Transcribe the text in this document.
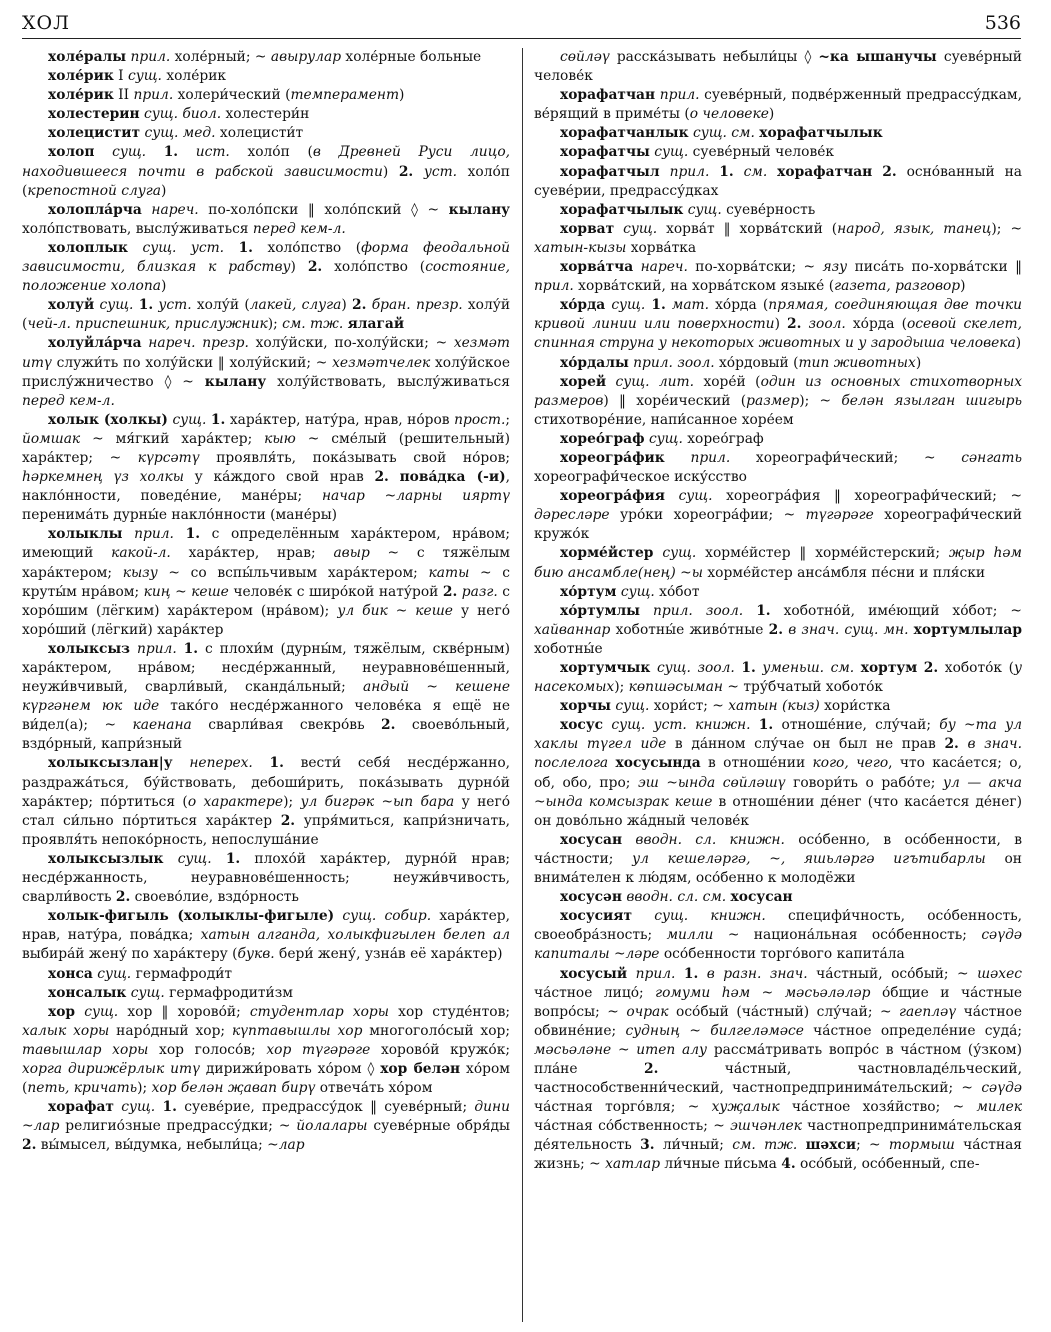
ХОЛ	536

холе́ралы прил. холе́рный; ~ авырулар холе́рные больные

холе́рик I сущ. холе́рик

холе́рик II прил. холери́ческий (темперамент)

холестерин сущ. биол. холестери́н

холецистит сущ. мед. холецисти́т

холоп сущ. 1. ист. холо́п (в Древней Руси лицо, находившееся почти в рабской зависимости) 2. уст. холо́п (крепостной слуга)

холопла́рча нареч. по-холо́пски ‖ холо́пский ◊ ~ кылану холо́пствовать, выслу́живаться перед кем-л.

холоплык сущ. уст. 1. холо́пство (форма феодальной зависимости, близкая к рабству) 2. холо́пство (состояние, положение холопа)

холуй сущ. 1. уст. холу́й (лакей, слуга) 2. бран. презр. холу́й (чей-л. приспешник, прислужник); см. тж. ялагай

холуйла́рча нареч. презр. холу́йски, по-холу́йски; ~ хезмәт итү служи́ть по холу́йски ‖ холу́йский; ~ хезмәтчелек холу́йское прислу́жничество ◊ ~ кылану холу́йствовать, выслу́живаться перед кем-л.

холык (холкы) сущ. 1. хара́ктер, нату́ра, нрав, но́ров прост.; йомшак ~ мя́гкий хара́ктер; кыю ~ сме́лый (решительный) хара́ктер; ~ күрсәтү проявля́ть, пока́зывать свой но́ров; һәркемнең үз холкы у ка́ждого свой нрав 2. пова́дка (-и), накло́нности, поведе́ние, мане́ры; начар ~ларны ияртү перенима́ть дурны́е накло́нности (мане́ры)

холыклы прил. 1. с определённым хара́ктером, нра́вом; имеющий какой-л. хара́ктер, нрав; авыр ~ с тяжёлым хара́ктером; кызу ~ со вспы́льчивым хара́ктером; каты ~ с круты́м нра́вом; киң ~ кеше челове́к с широ́кой нату́рой 2. разг. с хоро́шим (лёгким) хара́ктером (нра́вом); ул бик ~ кеше у него́ хоро́ший (лёгкий) хара́ктер

холыксыз прил. 1. с плохи́м (дурны́м, тяжёлым, скве́рным) хара́ктером, нра́вом; несде́ржанный, неуравнове́шенный, неужи́вчивый, сварли́вый, сканда́льный; андый ~ кешене күргәнем юк иде тако́го несде́ржанного челове́ка я ещё не ви́дел(а); ~ каенана сварли́вая свекро́вь 2. своево́льный, вздо́рный, капри́зный

холыксызлан|у неперех. 1. вести́ себя́ несде́ржанно, раздража́ться, бу́йствовать, дебоши́рить, пока́зывать дурно́й хара́ктер; по́ртиться (о характере); ул бигрәк ~ып бара у него́ стал си́льно по́ртиться хара́ктер 2. упря́миться, капри́зничать, проявля́ть непоко́рность, непослуша́ние

холыксызлык сущ. 1. плохо́й хара́ктер, дурно́й нрав; несде́ржанность, неуравнове́шенность; неужи́вчивость, сварли́вость 2. своево́лие, вздо́рность

холык-фигыль (холыклы-фигыле) сущ. собир. хара́ктер, нрав, нату́ра, пова́дка; хатын алганда, холыкфигылен белеп ал выбира́й жену́ по хара́ктеру (букв. бери́ жену́, узна́в её хара́ктер)

хонса сущ. гермафроди́т

хонсалык сущ. гермафродити́зм

хор сущ. хор ‖ хорово́й; студентлар хоры хор студе́нтов; халык хоры наро́дный хор; күптавышлы хор многоголо́сый хор; тавышлар хоры хор голосо́в; хор түгәрәге хорово́й кружо́к; хорга дирижёрлык итү дирижи́ровать хо́ром ◊ хор белән хо́ром (петь, кричать); хор белән җавап бирү отвеча́ть хо́ром

хорафат сущ. 1. суеве́рие, предрассу́док ‖ суеве́рный; дини ~лар религио́зные предрассу́дки; ~ йолалары суеве́рные обря́ды 2. вы́мысел, вы́думка, небыли́ца; ~лар

сөйләү расска́зывать небыли́цы ◊ ~ка ышанучы суеве́рный челове́к

хорафатчан прил. суеве́рный, подве́рженный предрассу́дкам, ве́рящий в приме́ты (о человеке)

хорафатчанлык сущ. см. хорафатчылык

хорафатчы сущ. суеве́рный челове́к

хорафатчыл прил. 1. см. хорафатчан 2. осно́ванный на суеве́рии, предрассу́дках

хорафатчылык сущ. суеве́рность

хорват сущ. хорва́т ‖ хорва́тский (народ, язык, танец); ~ хатын-кызы хорва́тка

хорва́тча нареч. по-хорва́тски; ~ язу писа́ть по-хорва́тски ‖ прил. хорва́тский, на хорва́тском языке́ (газета, разговор)

хо́рда сущ. 1. мат. хо́рда (прямая, соединяющая две точки кривой линии или поверхности) 2. зоол. хо́рда (осевой скелет, спинная струна у некоторых животных и у зародыша человека)

хо́рдалы прил. зоол. хо́рдовый (тип животных)

хорей сущ. лит. хоре́й (один из основных стихотворных размеров) ‖ хоре́ический (размер); ~ белән язылган шигырь стихотворе́ние, напи́санное хоре́ем

хорео́граф сущ. хорео́граф

хореогра́фик прил. хореографи́ческий; ~ сәнгать хореографи́ческое иску́сство

хореогра́фия сущ. хореогра́фия ‖ хореографи́ческий; ~ дәресләре уро́ки хореогра́фии; ~ түгәрәге хореографи́ческий кружо́к

хорме́йстер сущ. хорме́йстер ‖ хорме́йстерский; җыр һәм бию ансамбле(нең) ~ы хорме́йстер анса́мбля пе́сни и пля́ски

хо́ртум сущ. хо́бот

хо́ртумлы прил. зоол. 1. хоботно́й, име́ющий хо́бот; ~ хайваннар хоботны́е живо́тные 2. в знач. сущ. мн. хортумлылар хоботны́е

хортумчык сущ. зоол. 1. уменьш. см. хортум 2. хобото́к (у насекомых); көпшәсыман ~ тру́бчатый хобото́к

хорчы сущ. хори́ст; ~ хатын (кыз) хори́стка

хосус сущ. уст. книжн. 1. отноше́ние, слу́чай; бу ~та ул хаклы түгел иде в да́нном слу́чае он был не прав 2. в знач. послелога хосусында в отноше́нии кого, чего, что каса́ется; о, об, обо, про; эш ~ында сөйләшү говори́ть о рабо́те; ул — акча ~ында комсызрак кеше в отноше́нии де́нег (что каса́ется де́нег) он дово́льно жа́дный челове́к

хосусан вводн. сл. книжн. осо́бенно, в осо́бенности, в ча́стности; ул кешеләргә, ~, яшьләргә игътибарлы он внима́телен к лю́дям, осо́бенно к молодёжи

хосусән вводн. сл. см. хосусан

хосусият сущ. книжн. специфи́чность, осо́бенность, своеобра́зность; милли ~ национа́льная осо́бенность; сәүдә капиталы ~ләре осо́бенности торго́вого капита́ла

хосусый прил. 1. в разн. знач. ча́стный, осо́бый; ~ шәхес ча́стное лицо́; гомуми һәм ~ мәсьәләләр о́бщие и ча́стные вопро́сы; ~ очрак осо́бый (ча́стный) слу́чай; ~ гаепләү ча́стное обвине́ние; судның ~ билгеләмәсе ча́стное определе́ние суда́; мәсьәләне ~ итеп алу рассма́тривать вопро́с в ча́стном (у́зком) пла́не 2. ча́стный, частновладе́льческий, частнособственни́ческий, частнопредпринима́тельский; ~ сәүдә ча́стная торго́вля; ~ хуҗалык ча́стное хозя́йство; ~ милек ча́стная со́бственность; ~ эшчәнлек частнопредпринима́тельская де́ятельность 3. ли́чный; см. тж. шәхси; ~ тормыш ча́стная жизнь; ~ хатлар ли́чные пи́сьма 4. осо́бый, осо́бенный, спе-
